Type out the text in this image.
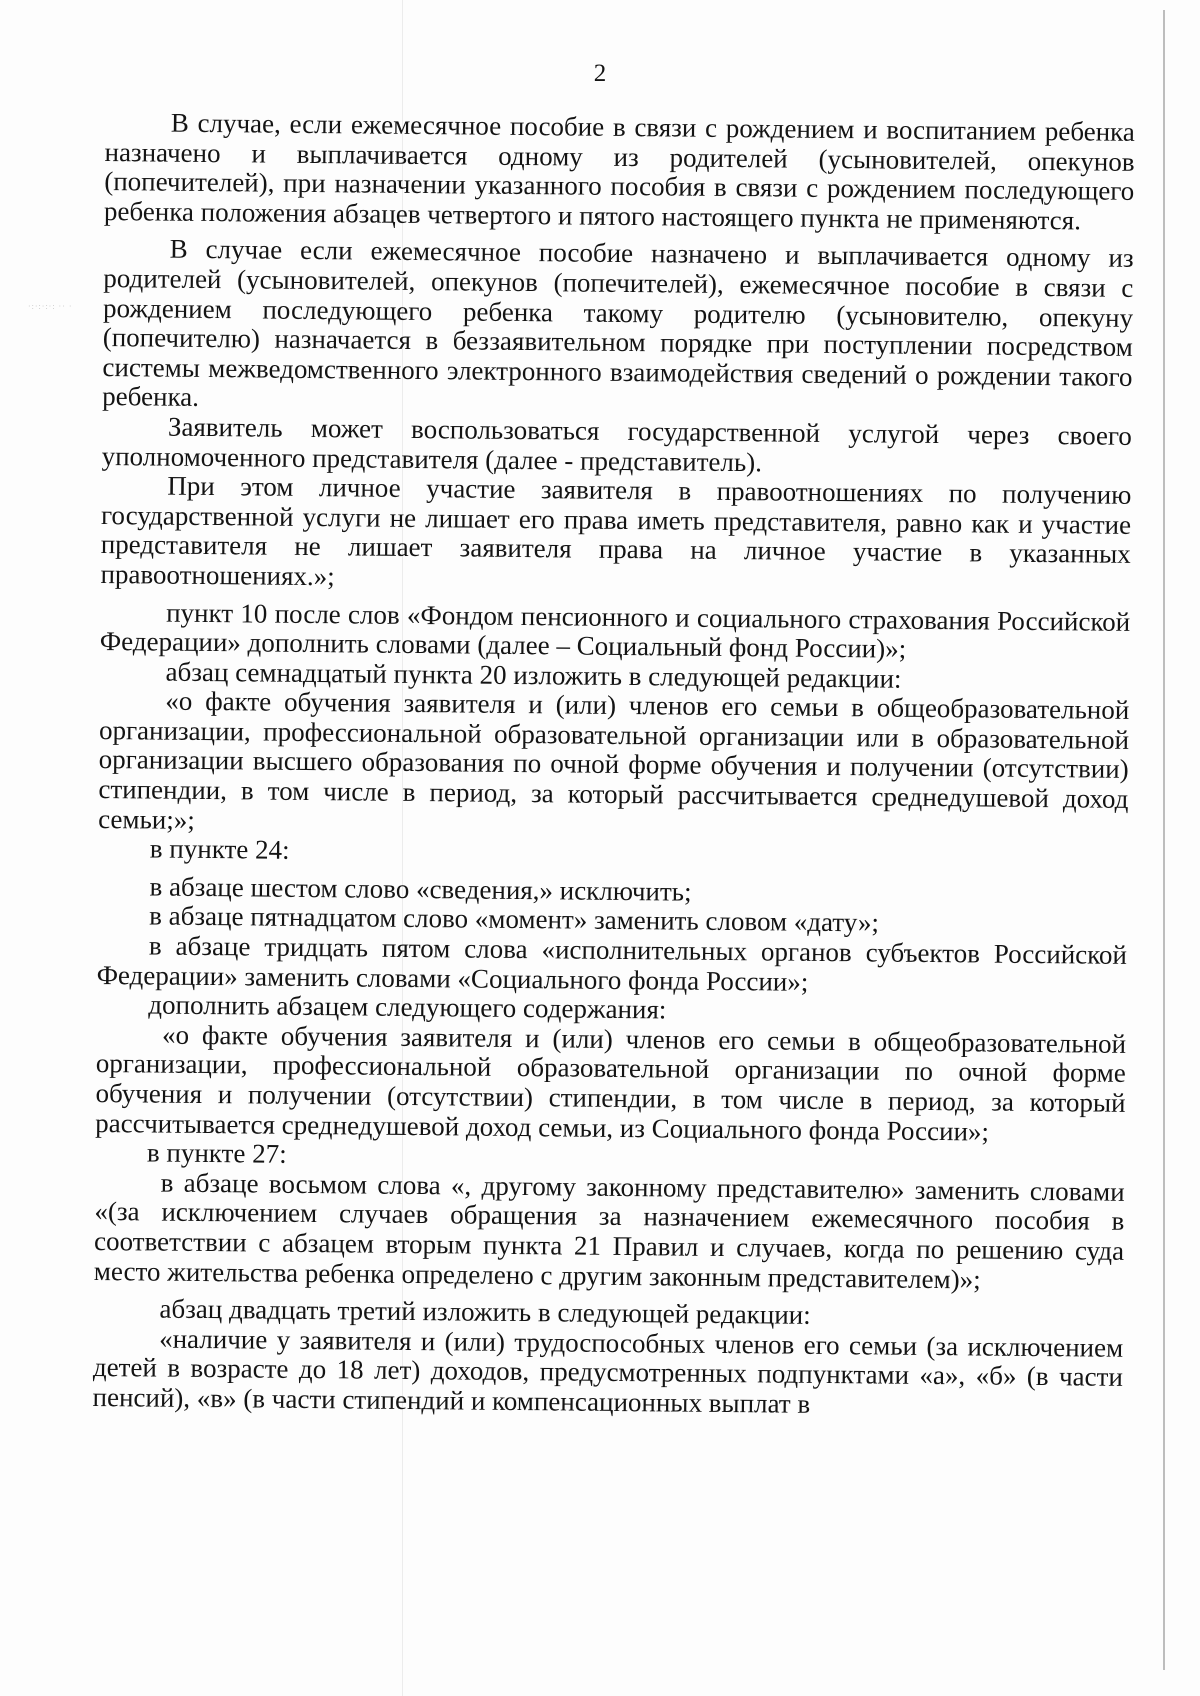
·:·:·:·: ·· ·
2

В случае, если ежемесячное пособие в связи с рождением и воспитанием ребенка назначено и выплачивается одному из родителей (усыновителей, опекунов (попечителей), при назначении указанного пособия в связи с рождением последующего ребенка положения абзацев четвертого и пятого настоящего пункта не применяются.

В случае если ежемесячное пособие назначено и выплачивается одному из родителей (усыновителей, опекунов (попечителей), ежемесячное пособие в связи с рождением последующего ребенка такому родителю (усыновителю, опекуну (попечителю) назначается в беззаявительном порядке при поступлении посредством системы межведомственного электронного взаимодействия сведений о рождении такого ребенка.

Заявитель может воспользоваться государственной услугой через своего уполномоченного представителя (далее - представитель).

При этом личное участие заявителя в правоотношениях по получению государственной услуги не лишает его права иметь представителя, равно как и участие представителя не лишает заявителя права на личное участие в указанных правоотношениях.»;

пункт 10 после слов «Фондом пенсионного и социального страхования Российской Федерации» дополнить словами (далее – Социальный фонд России)»;

абзац семнадцатый пункта 20 изложить в следующей редакции:

«о факте обучения заявителя и (или) членов его семьи в общеобразовательной организации, профессиональной образовательной организации или в образовательной организации высшего образования по очной форме обучения и получении (отсутствии) стипендии, в том числе в период, за который рассчитывается среднедушевой доход семьи;»;

в пункте 24:

в абзаце шестом слово «сведения,» исключить;

в абзаце пятнадцатом слово «момент» заменить словом «дату»;

в абзаце тридцать пятом слова «исполнительных органов субъектов Российской Федерации» заменить словами «Социального фонда России»;

дополнить абзацем следующего содержания:

«о факте обучения заявителя и (или) членов его семьи в общеобразовательной организации, профессиональной образовательной организации по очной форме обучения и получении (отсутствии) стипендии, в том числе в период, за который рассчитывается среднедушевой доход семьи, из Социального фонда России»;

в пункте 27:

в абзаце восьмом слова «, другому законному представителю» заменить словами «(за исключением случаев обращения за назначением ежемесячного пособия в соответствии с абзацем вторым пункта 21 Правил и случаев, когда по решению суда место жительства ребенка определено с другим законным представителем)»;

абзац двадцать третий изложить в следующей редакции:

«наличие у заявителя и (или) трудоспособных членов его семьи (за исключением детей в возрасте до 18 лет) доходов, предусмотренных подпунктами «а», «б» (в части пенсий), «в» (в части стипендий и компенсационных выплат в
